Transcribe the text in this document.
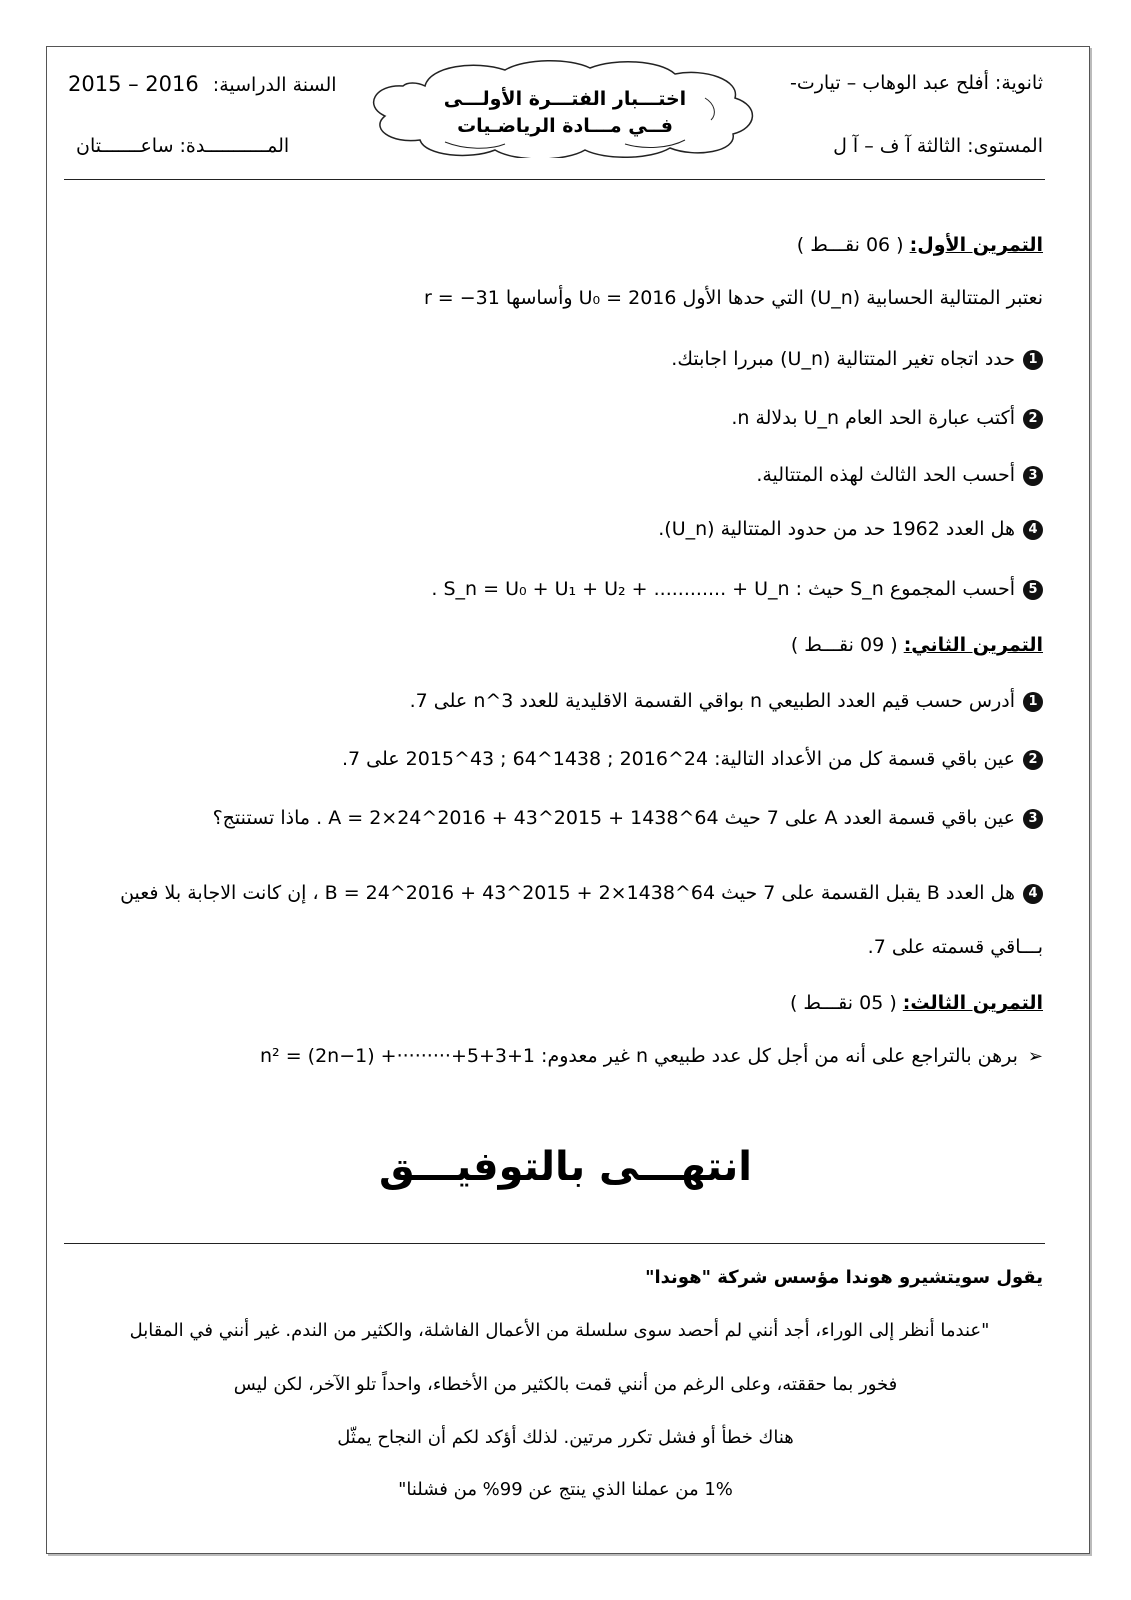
ثانوية: أفلح عبد الوهاب – تيارت-
المستوى: الثالثة آ ف – آ ل
2015 – 2016 السنة الدراسية:
المـــــــــــدة: ساعـــــــتان
اختـــبار الفتـــرة الأولـــى
فــي مـــادة الرياضـيات
التمرين الأول: ( 06 نقـــط )
نعتبر المتتالية الحسابية (U_n) التي حدها الأول U₀ = 2016 وأساسها r = −31
1حدد اتجاه تغير المتتالية (U_n) مبررا اجابتك.
2أكتب عبارة الحد العام U_n بدلالة n.
3أحسب الحد الثالث لهذه المتتالية.
4هل العدد 1962 حد من حدود المتتالية (U_n).
5أحسب المجموع S_n حيث : S_n = U₀ + U₁ + U₂ + ............ + U_n .
التمرين الثاني: ( 09 نقـــط )
1أدرس حسب قيم العدد الطبيعي n بواقي القسمة الاقليدية للعدد 3^n على 7.
2عين باقي قسمة كل من الأعداد التالية: 24^2016 ; 1438^64 ; 43^2015 على 7.
3عين باقي قسمة العدد A على 7 حيث A = 2×24^2016 + 43^2015 + 1438^64 . ماذا تستنتج؟
4هل العدد B يقبل القسمة على 7 حيث B = 24^2016 + 43^2015 + 2×1438^64 ، إن كانت الاجابة بلا فعين بـــاقي قسمته على 7.
التمرين الثالث: ( 05 نقـــط )
➢برهن بالتراجع على أنه من أجل كل عدد طبيعي n غير معدوم: 1+3+5+·········+ (2n−1) = n²
انتهـــى بالتوفيـــق
يقول سويتشيرو هوندا مؤسس شركة "هوندا"
"عندما أنظر إلى الوراء، أجد أنني لم أحصد سوى سلسلة من الأعمال الفاشلة، والكثير من الندم. غير أنني في المقابل
فخور بما حققته، وعلى الرغم من أنني قمت بالكثير من الأخطاء، واحداً تلو الآخر، لكن ليس
هناك خطأ أو فشل تكرر مرتين. لذلك أؤكد لكم أن النجاح يمثّل
1% من عملنا الذي ينتج عن 99% من فشلنا"
